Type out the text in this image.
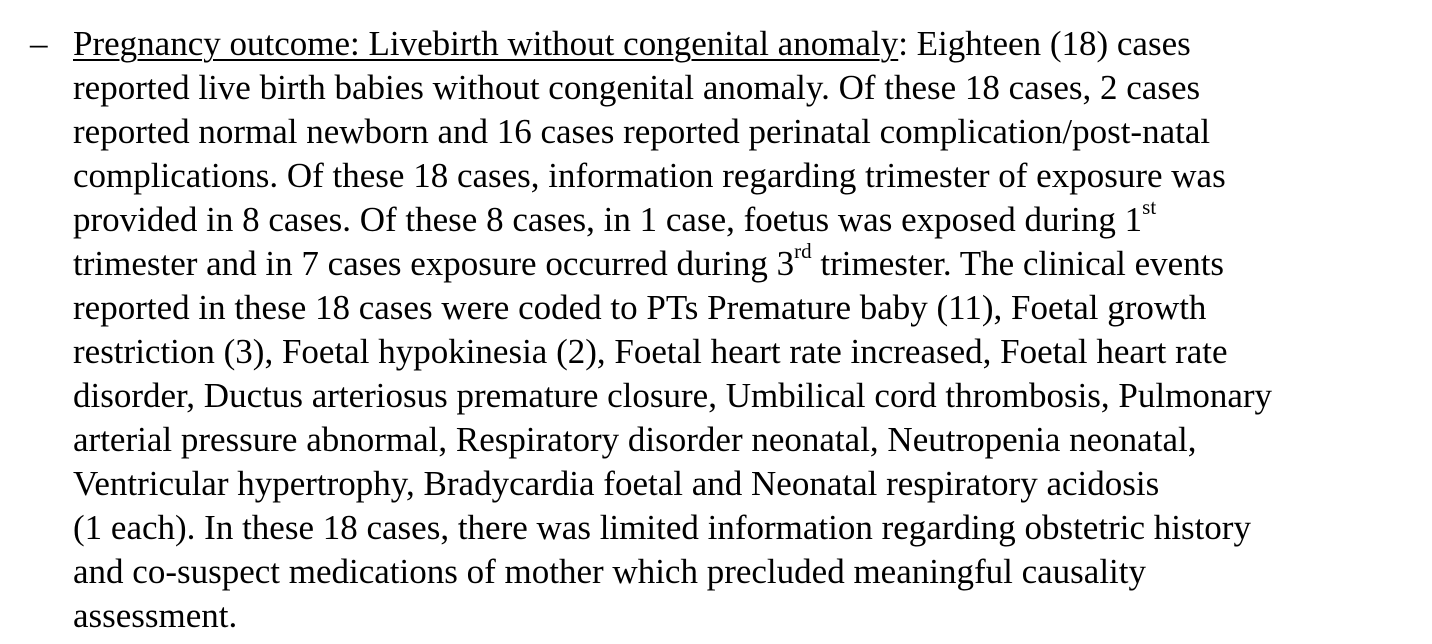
– Pregnancy outcome: Livebirth without congenital anomaly: Eighteen (18) cases
reported live birth babies without congenital anomaly. Of these 18 cases, 2 cases
reported normal newborn and 16 cases reported perinatal complication/post-natal
complications. Of these 18 cases, information regarding trimester of exposure was
provided in 8 cases. Of these 8 cases, in 1 case, foetus was exposed during 1st
trimester and in 7 cases exposure occurred during 3rd trimester. The clinical events
reported in these 18 cases were coded to PTs Premature baby (11), Foetal growth
restriction (3), Foetal hypokinesia (2), Foetal heart rate increased, Foetal heart rate
disorder, Ductus arteriosus premature closure, Umbilical cord thrombosis, Pulmonary
arterial pressure abnormal, Respiratory disorder neonatal, Neutropenia neonatal,
Ventricular hypertrophy, Bradycardia foetal and Neonatal respiratory acidosis
(1 each). In these 18 cases, there was limited information regarding obstetric history
and co-suspect medications of mother which precluded meaningful causality
assessment.
